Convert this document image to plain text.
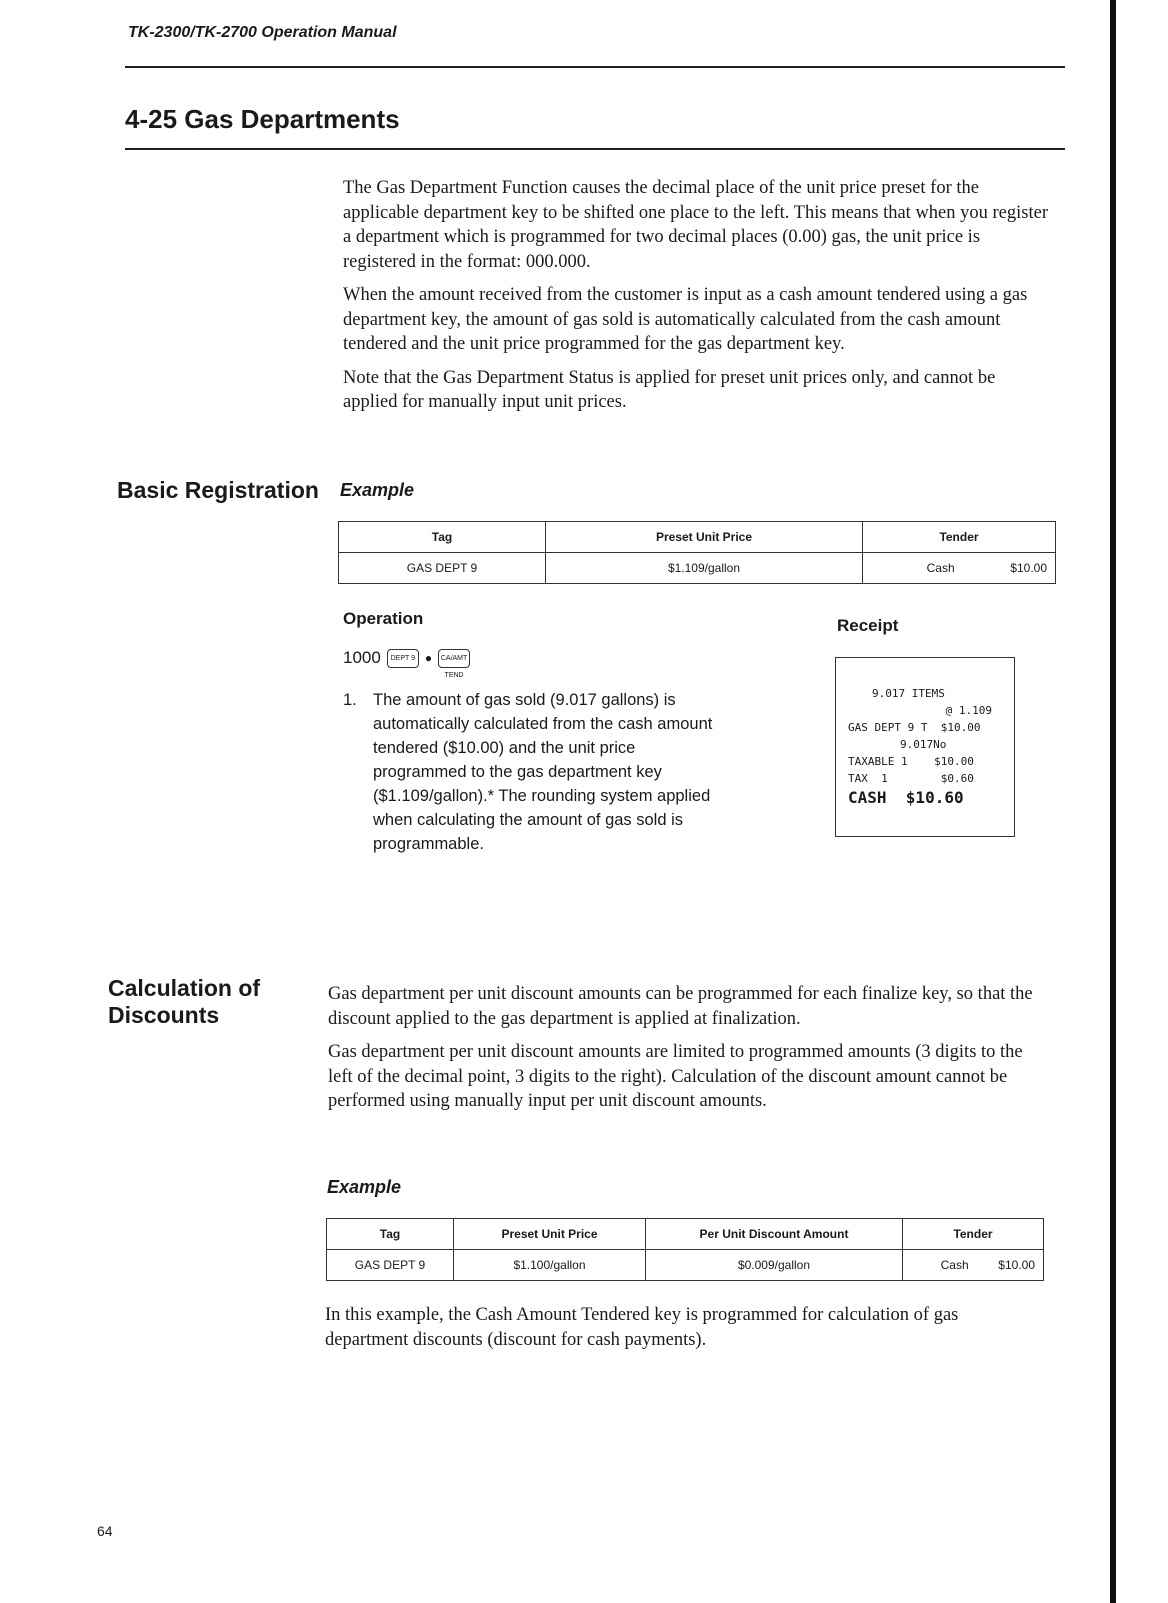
TK-2300/TK-2700 Operation Manual
4-25 Gas Departments

The Gas Department Function causes the decimal place of the unit price preset for the applicable department key to be shifted one place to the left. This means that when you register a department which is programmed for two decimal places (0.00) gas, the unit price is registered in the format: 000.000.

When the amount received from the customer is input as a cash amount tendered using a gas department key, the amount of gas sold is automatically calculated from the cash amount tendered and the unit price programmed for the gas department key.

Note that the Gas Department Status is applied for preset unit prices only, and cannot be applied for manually input unit prices.

Basic Registration Example
Tag	Preset Unit Price	Tender
GAS DEPT 9	$1.109/gallon	Cash $10.00
Operation	Receipt
1000	DEPT 9 ●	CA/AMT TEND
1. The amount of gas sold (9.017 gallons) is automatically calculated from the cash amount tendered ($10.00) and the unit price programmed to the gas department key ($1.109/gallon).* The rounding system applied when calculating the amount of gas sold is programmable.
9.017 ITEMS
@ 1.109
GAS DEPT 9 T  $10.00
9.017No
TAXABLE 1    $10.00
TAX  1        $0.60
CASH  $10.60
Calculation of
Discounts

Gas department per unit discount amounts can be programmed for each finalize key, so that the discount applied to the gas department is applied at finalization.

Gas department per unit discount amounts are limited to programmed amounts (3 digits to the left of the decimal point, 3 digits to the right). Calculation of the discount amount cannot be performed using manually input per unit discount amounts.

Example
Tag	Preset Unit Price	Per Unit Discount Amount	Tender
GAS DEPT 9	$1.100/gallon	$0.009/gallon	Cash $10.00
In this example, the Cash Amount Tendered key is programmed for calculation of gas department discounts (discount for cash payments).
64
